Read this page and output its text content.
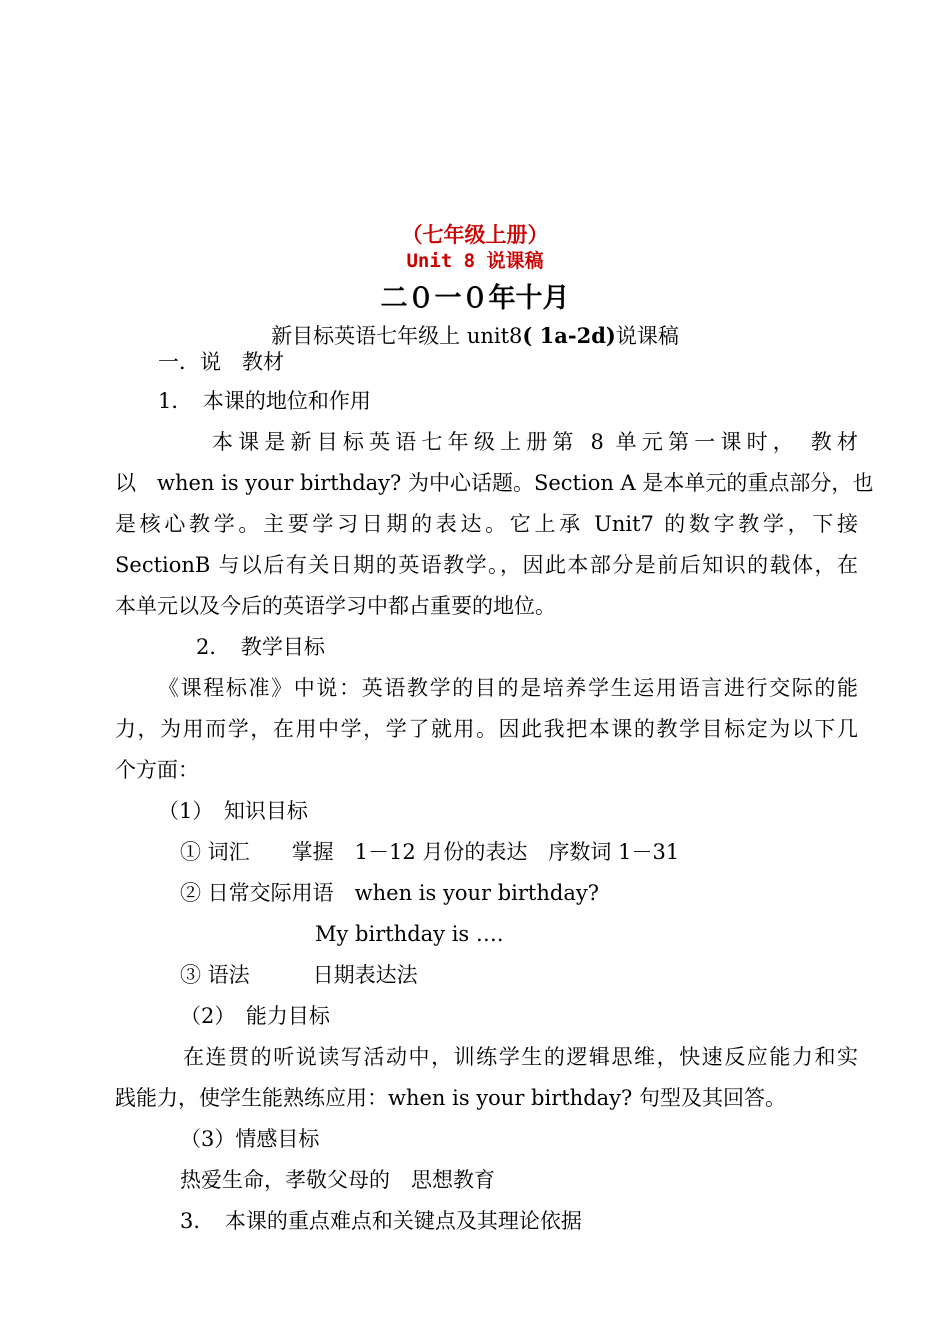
（七年级上册）
Unit 8 说课稿
二０一０年十月
新目标英语七年级上 unit8( 1a-2d)说课稿
一．说　教材
1．　本课的地位和作用
本课是新目标英语七年级上册第 8 单元第一课时， 教材
以　when is your birthday? 为中心话题。Section A 是本单元的重点部分，也
是核心教学。主要学习日期的表达。它上承 Unit7 的数字教学，下接
SectionB 与以后有关日期的英语教学。，因此本部分是前后知识的载体，在
本单元以及今后的英语学习中都占重要的地位。
2．　教学目标
《课程标准》中说：英语教学的目的是培养学生运用语言进行交际的能
力，为用而学，在用中学，学了就用。因此我把本课的教学目标定为以下几
个方面：
（1）　知识目标
① 词汇　　掌握　1－12 月份的表达　序数词 1－31
② 日常交际用语　when is your birthday?
My birthday is ….
③ 语法　　　日期表达法
（2）　能力目标
在连贯的听说读写活动中，训练学生的逻辑思维，快速反应能力和实
践能力，使学生能熟练应用：when is your birthday? 句型及其回答。
（3）情感目标
热爱生命，孝敬父母的　思想教育
3．　本课的重点难点和关键点及其理论依据
